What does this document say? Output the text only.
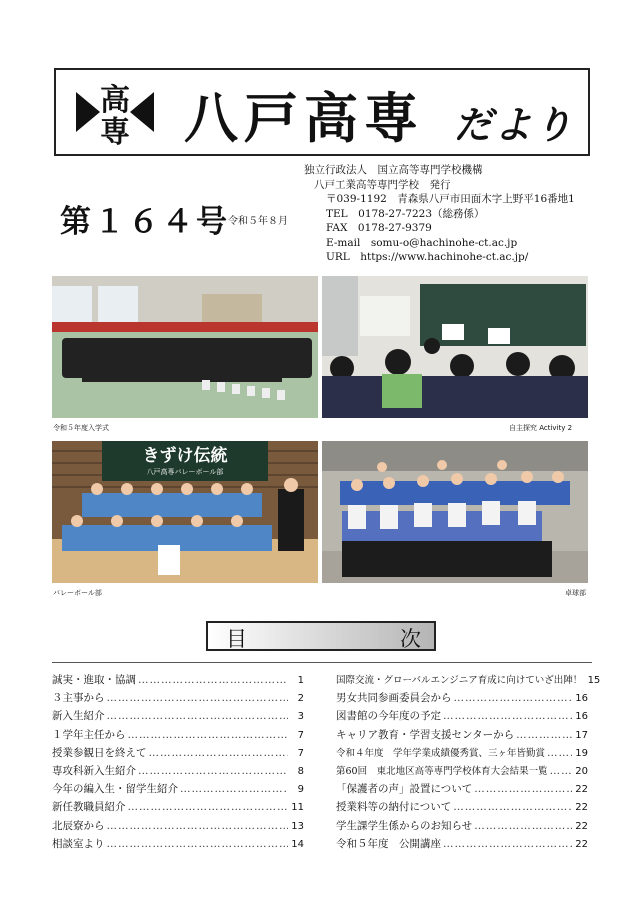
高
専 八戸高専 だより
第１６４号
令和５年８月
独立行政法人　国立高等専門学校機構
八戸工業高等専門学校　発行
〒039-1192　青森県八戸市田面木字上野平16番地1
TEL　0178-27-7223（総務係）
FAX　0178-27-9379
E-mail　somu-o@hachinohe-ct.ac.jp
URL　https://www.hachinohe-ct.ac.jp/
令和５年度入学式	自主探究 Activity 2
きずけ伝統
八戸高専バレーボール部
バレーボール部	卓球部
目	次
誠実・進取・協調 …………………………………………………………………………………………	1
３主事から …………………………………………………………………………………………	2
新入生紹介 …………………………………………………………………………………………	3
１学年主任から …………………………………………………………………………………………	7
授業参観日を終えて …………………………………………………………………………………………	7
専攻科新入生紹介 …………………………………………………………………………………………	8
今年の編入生・留学生紹介 …………………………………………………………………………………………	9
新任教職員紹介 …………………………………………………………………………………………	11
北辰寮から …………………………………………………………………………………………	13
相談室より …………………………………………………………………………………………	14
国際交流・グローバルエンジニア育成に向けていざ出陣！ 15
男女共同参画委員会から …………………………………………………………………………………………	16
図書館の今年度の予定 …………………………………………………………………………………………	16
キャリア教育・学習支援センターから …………………………………………………………………………………………	17
令和４年度　学年学業成績優秀賞、三ヶ年皆勤賞 …………………………………………………………………………………………	19
第60回　東北地区高等専門学校体育大会結果一覧 …………………………………………………………………………………………	20
「保護者の声」設置について …………………………………………………………………………………………	22
授業料等の納付について …………………………………………………………………………………………	22
学生課学生係からのお知らせ …………………………………………………………………………………………	22
令和５年度　公開講座 …………………………………………………………………………………………	22
